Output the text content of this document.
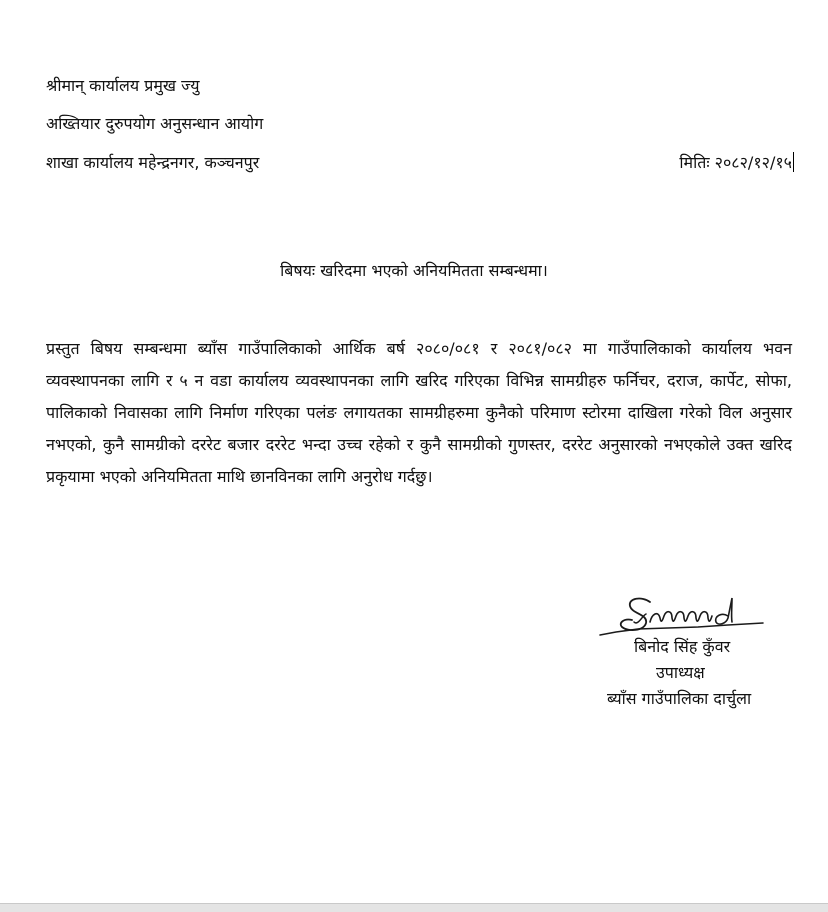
श्रीमान् कार्यालय प्रमुख ज्यु
अख्तियार दुरुपयोग अनुसन्धान आयोग
शाखा कार्यालय महेन्द्रनगर, कञ्चनपुर	मितिः २०८२/१२/१५
बिषयः खरिदमा भएको अनियमितता सम्बन्धमा।
प्रस्तुत बिषय सम्बन्धमा ब्याँस गाउँपालिकाको आर्थिक बर्ष २०८०/०८१ र २०८१/०८२ मा गाउँपालिकाको कार्यालय भवन व्यवस्थापनका लागि र ५ न वडा कार्यालय व्यवस्थापनका लागि खरिद गरिएका विभिन्न सामग्रीहरु फर्निचर, दराज, कार्पेट, सोफा, पालिकाको निवासका लागि निर्माण गरिएका पलंङ लगायतका सामग्रीहरुमा कुनैको परिमाण स्टोरमा दाखिला गरेको विल अनुसार नभएको, कुनै सामग्रीको दररेट बजार दररेट भन्दा उच्च रहेको र कुनै सामग्रीको गुणस्तर, दररेट अनुसारको नभएकोले उक्त खरिद प्रकृयामा भएको अनियमितता माथि छानविनका लागि अनुरोध गर्दछु।
Simmd
बिनोद सिंह कुँवर
उपाध्यक्ष
ब्याँस गाउँपालिका दार्चुला
